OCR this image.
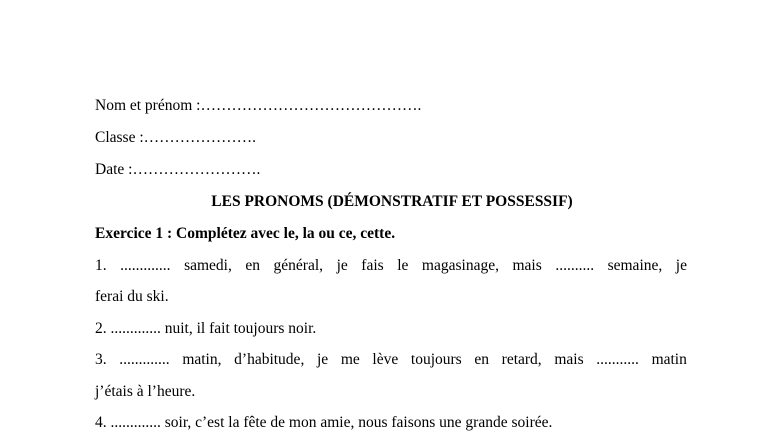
Nom et prénom :…………………………………….
Classe :………………….
Date :…………………….
LES PRONOMS (DÉMONSTRATIF ET POSSESSIF)
Exercice 1 : Complétez avec le, la ou ce, cette.
1. ............. samedi, en général, je fais le magasinage, mais .......... semaine, je
ferai du ski.
2. ............. nuit, il fait toujours noir.
3. ............. matin, d’habitude, je me lève toujours en retard, mais ........... matin
j’étais à l’heure.
4. ............. soir, c’est la fête de mon amie, nous faisons une grande soirée.
